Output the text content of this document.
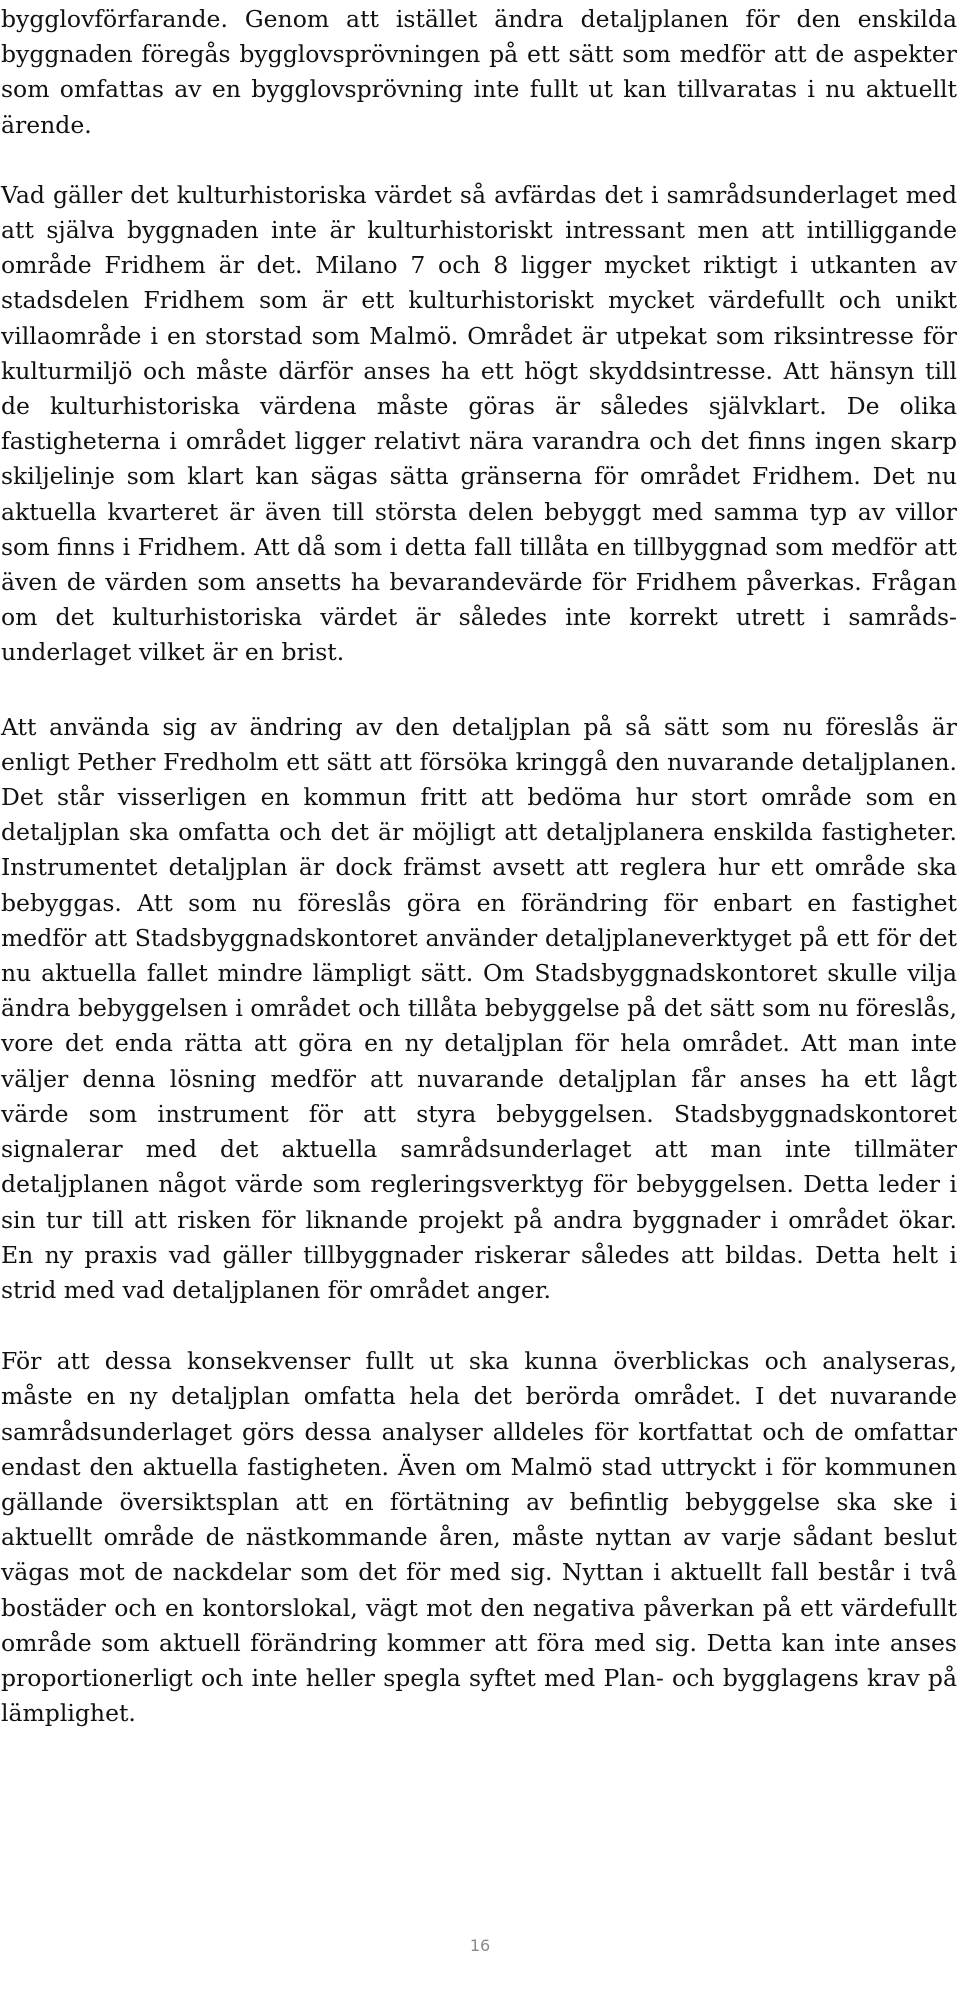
bygglovförfarande. Genom att istället ändra detaljplanen för den enskilda byggnaden föregås bygglovsprövningen på ett sätt som medför att de aspekter som omfattas av en bygglovsprövning inte fullt ut kan tillvaratas i nu aktuellt ärende.

Vad gäller det kulturhistoriska värdet så avfärdas det i samrådsunderlaget med att själva byggnaden inte är kulturhistoriskt intressant men att intilliggande område Fridhem är det. Milano 7 och 8 ligger mycket riktigt i utkanten av stadsdelen Fridhem som är ett kulturhistoriskt mycket värdefullt och unikt villaområde i en storstad som Malmö. Området är utpekat som riksintresse för kulturmiljö och måste därför anses ha ett högt skyddsintresse. Att hänsyn till de kulturhistoriska värdena måste göras är således självklart. De olika fastigheterna i området ligger relativt nära varandra och det finns ingen skarp skiljelinje som klart kan sägas sätta gränserna för området Fridhem. Det nu aktuella kvarteret är även till största delen bebyggt med samma typ av villor som finns i Fridhem. Att då som i detta fall tillåta en tillbyggnad som medför att även de värden som ansetts ha bevarandevärde för Fridhem påverkas. Frågan om det kulturhistoriska värdet är således inte korrekt utrett i samrådsunderlaget vilket är en brist.

Att använda sig av ändring av den detaljplan på så sätt som nu föreslås är enligt Pether Fredholm ett sätt att försöka kringgå den nuvarande detaljplanen. Det står visserligen en kommun fritt att bedöma hur stort område som en detaljplan ska omfatta och det är möjligt att detaljplanera enskilda fastigheter. Instrumentet detaljplan är dock främst avsett att reglera hur ett område ska bebyggas. Att som nu föreslås göra en förändring för enbart en fastighet medför att Stadsbyggnadskontoret använder detaljplaneverktyget på ett för det nu aktuella fallet mindre lämpligt sätt. Om Stadsbyggnadskontoret skulle vilja ändra bebyggelsen i området och tillåta bebyggelse på det sätt som nu föreslås, vore det enda rätta att göra en ny detaljplan för hela området. Att man inte väljer denna lösning medför att nuvarande detaljplan får anses ha ett lågt värde som instrument för att styra bebyggelsen. Stadsbyggnadskontoret signalerar med det aktuella samrådsunderlaget att man inte tillmäter detaljplanen något värde som regleringsverktyg för bebyggelsen. Detta leder i sin tur till att risken för liknande projekt på andra byggnader i området ökar. En ny praxis vad gäller tillbyggnader riskerar således att bildas. Detta helt i strid med vad detaljplanen för området anger.

För att dessa konsekvenser fullt ut ska kunna överblickas och analyseras, måste en ny detaljplan omfatta hela det berörda området. I det nuvarande samrådsunderlaget görs dessa analyser alldeles för kortfattat och de omfattar endast den aktuella fastigheten. Även om Malmö stad uttryckt i för kommunen gällande översiktsplan att en förtätning av befintlig bebyggelse ska ske i aktuellt område de nästkommande åren, måste nyttan av varje sådant beslut vägas mot de nackdelar som det för med sig. Nyttan i aktuellt fall består i två bostäder och en kontorslokal, vägt mot den negativa påverkan på ett värdefullt område som aktuell förändring kommer att föra med sig. Detta kan inte anses proportionerligt och inte heller spegla syftet med Plan- och bygglagens krav på lämplighet.

16
